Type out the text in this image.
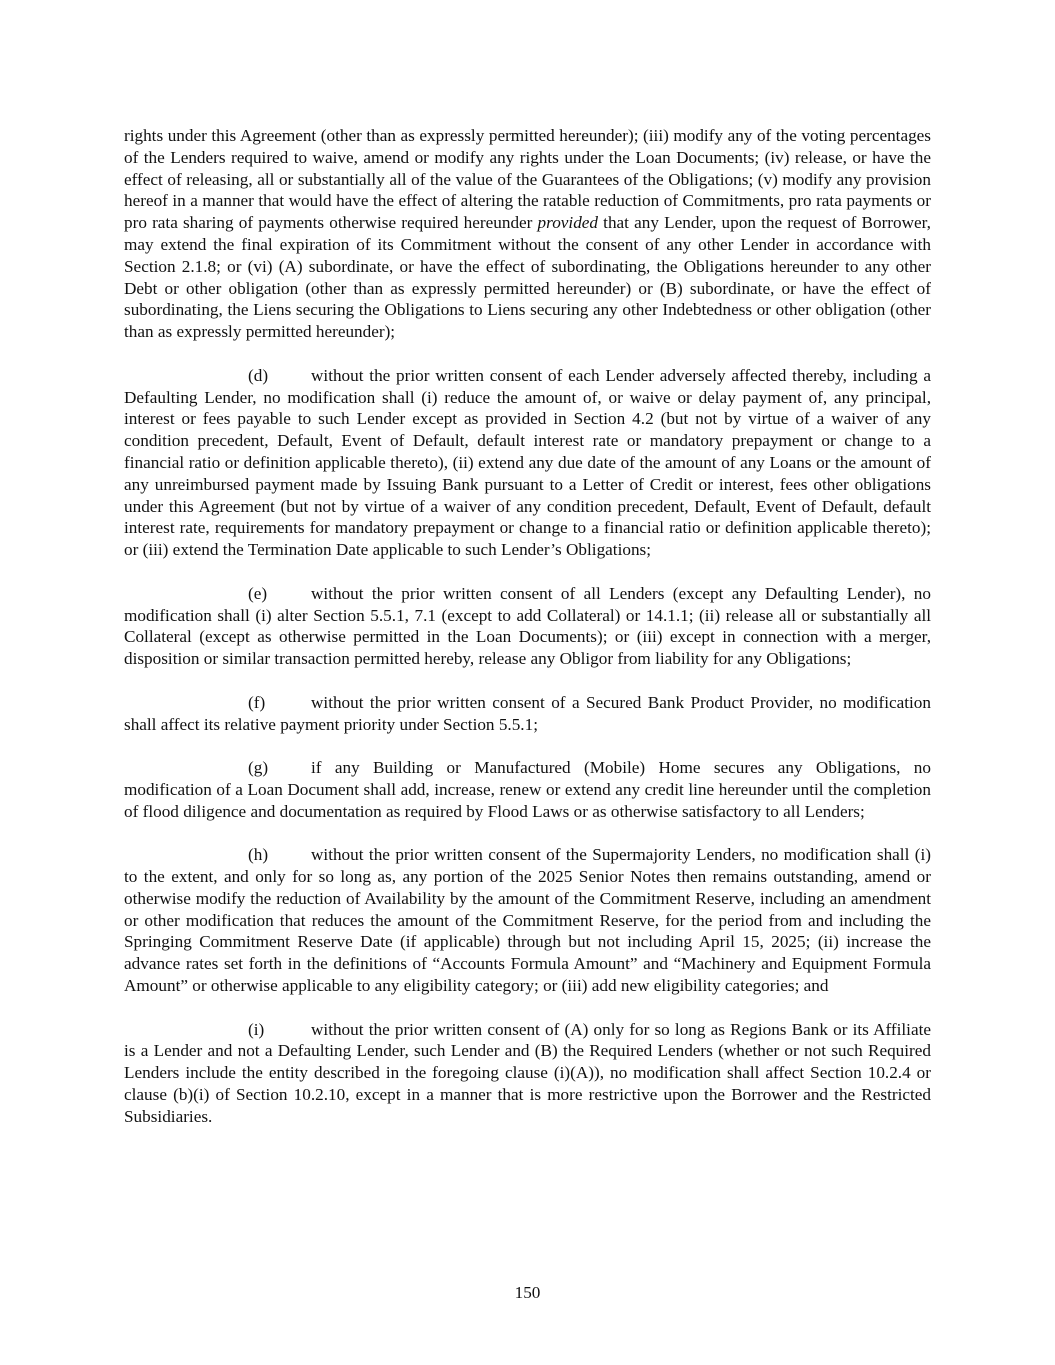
rights under this Agreement (other than as expressly permitted hereunder); (iii) modify any of the voting percentages of the Lenders required to waive, amend or modify any rights under the Loan Documents; (iv) release, or have the effect of releasing, all or substantially all of the value of the Guarantees of the Obligations; (v) modify any provision hereof in a manner that would have the effect of altering the ratable reduction of Commitments, pro rata payments or pro rata sharing of payments otherwise required hereunder provided that any Lender, upon the request of Borrower, may extend the final expiration of its Commitment without the consent of any other Lender in accordance with Section 2.1.8; or (vi) (A) subordinate, or have the effect of subordinating, the Obligations hereunder to any other Debt or other obligation (other than as expressly permitted hereunder) or (B) subordinate, or have the effect of subordinating, the Liens securing the Obligations to Liens securing any other Indebtedness or other obligation (other than as expressly permitted hereunder);

(d) without the prior written consent of each Lender adversely affected thereby, including a Defaulting Lender, no modification shall (i) reduce the amount of, or waive or delay payment of, any principal, interest or fees payable to such Lender except as provided in Section 4.2 (but not by virtue of a waiver of any condition precedent, Default, Event of Default, default interest rate or mandatory prepayment or change to a financial ratio or definition applicable thereto), (ii) extend any due date of the amount of any Loans or the amount of any unreimbursed payment made by Issuing Bank pursuant to a Letter of Credit or interest, fees other obligations under this Agreement (but not by virtue of a waiver of any condition precedent, Default, Event of Default, default interest rate, requirements for mandatory prepayment or change to a financial ratio or definition applicable thereto); or (iii) extend the Termination Date applicable to such Lender’s Obligations;

(e)	without the prior written consent of all Lenders (except any Defaulting Lender), no modification shall (i) alter Section 5.5.1, 7.1 (except to add Collateral) or 14.1.1; (ii) release all or substantially all Collateral (except as otherwise permitted in the Loan Documents); or (iii) except in connection with a merger, disposition or similar transaction permitted hereby, release any Obligor from liability for any Obligations;

(f)	without the prior written consent of a Secured Bank Product Provider, no modification shall affect its relative payment priority under Section 5.5.1;

(g) if any Building or Manufactured (Mobile) Home secures any Obligations, no modification of a Loan Document shall add, increase, renew or extend any credit line hereunder until the completion of flood diligence and documentation as required by Flood Laws or as otherwise satisfactory to all Lenders;

(h) without the prior written consent of the Supermajority Lenders, no modification shall (i) to the extent, and only for so long as, any portion of the 2025 Senior Notes then remains outstanding, amend or otherwise modify the reduction of Availability by the amount of the Commitment Reserve, including an amendment or other modification that reduces the amount of the Commitment Reserve, for the period from and including the Springing Commitment Reserve Date (if applicable) through but not including April 15, 2025; (ii) increase the advance rates set forth in the definitions of “Accounts Formula Amount” and “Machinery and Equipment Formula Amount” or otherwise applicable to any eligibility category; or (iii) add new eligibility categories; and

(i)	without the prior written consent of (A) only for so long as Regions Bank or its Affiliate is a Lender and not a Defaulting Lender, such Lender and (B) the Required Lenders (whether or not such Required Lenders include the entity described in the foregoing clause (i)(A)), no modification shall affect Section 10.2.4 or clause (b)(i) of Section 10.2.10, except in a manner that is more restrictive upon the Borrower and the Restricted Subsidiaries.

150
